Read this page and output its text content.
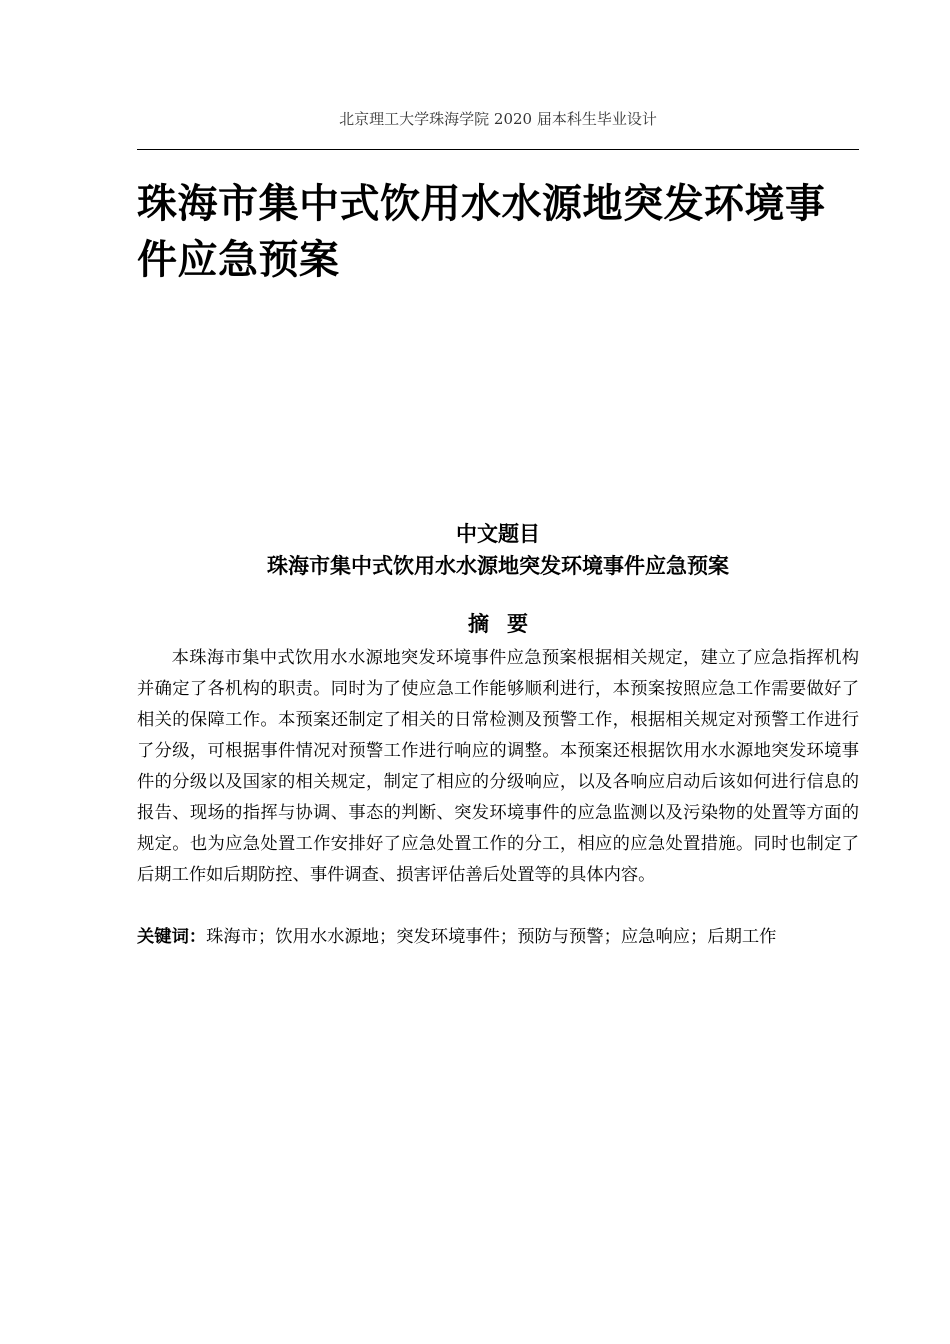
北京理工大学珠海学院 2020 届本科生毕业设计
珠海市集中式饮用水水源地突发环境事件应急预案
中文题目
珠海市集中式饮用水水源地突发环境事件应急预案
摘要

本珠海市集中式饮用水水源地突发环境事件应急预案根据相关规定，建立了应急指挥机构并确定了各机构的职责。同时为了使应急工作能够顺利进行，本预案按照应急工作需要做好了相关的保障工作。本预案还制定了相关的日常检测及预警工作，根据相关规定对预警工作进行了分级，可根据事件情况对预警工作进行响应的调整。本预案还根据饮用水水源地突发环境事件的分级以及国家的相关规定，制定了相应的分级响应，以及各响应启动后该如何进行信息的报告、现场的指挥与协调、事态的判断、突发环境事件的应急监测以及污染物的处置等方面的规定。也为应急处置工作安排好了应急处置工作的分工，相应的应急处置措施。同时也制定了后期工作如后期防控、事件调查、损害评估善后处置等的具体内容。

关键词：珠海市；饮用水水源地；突发环境事件；预防与预警；应急响应；后期工作
